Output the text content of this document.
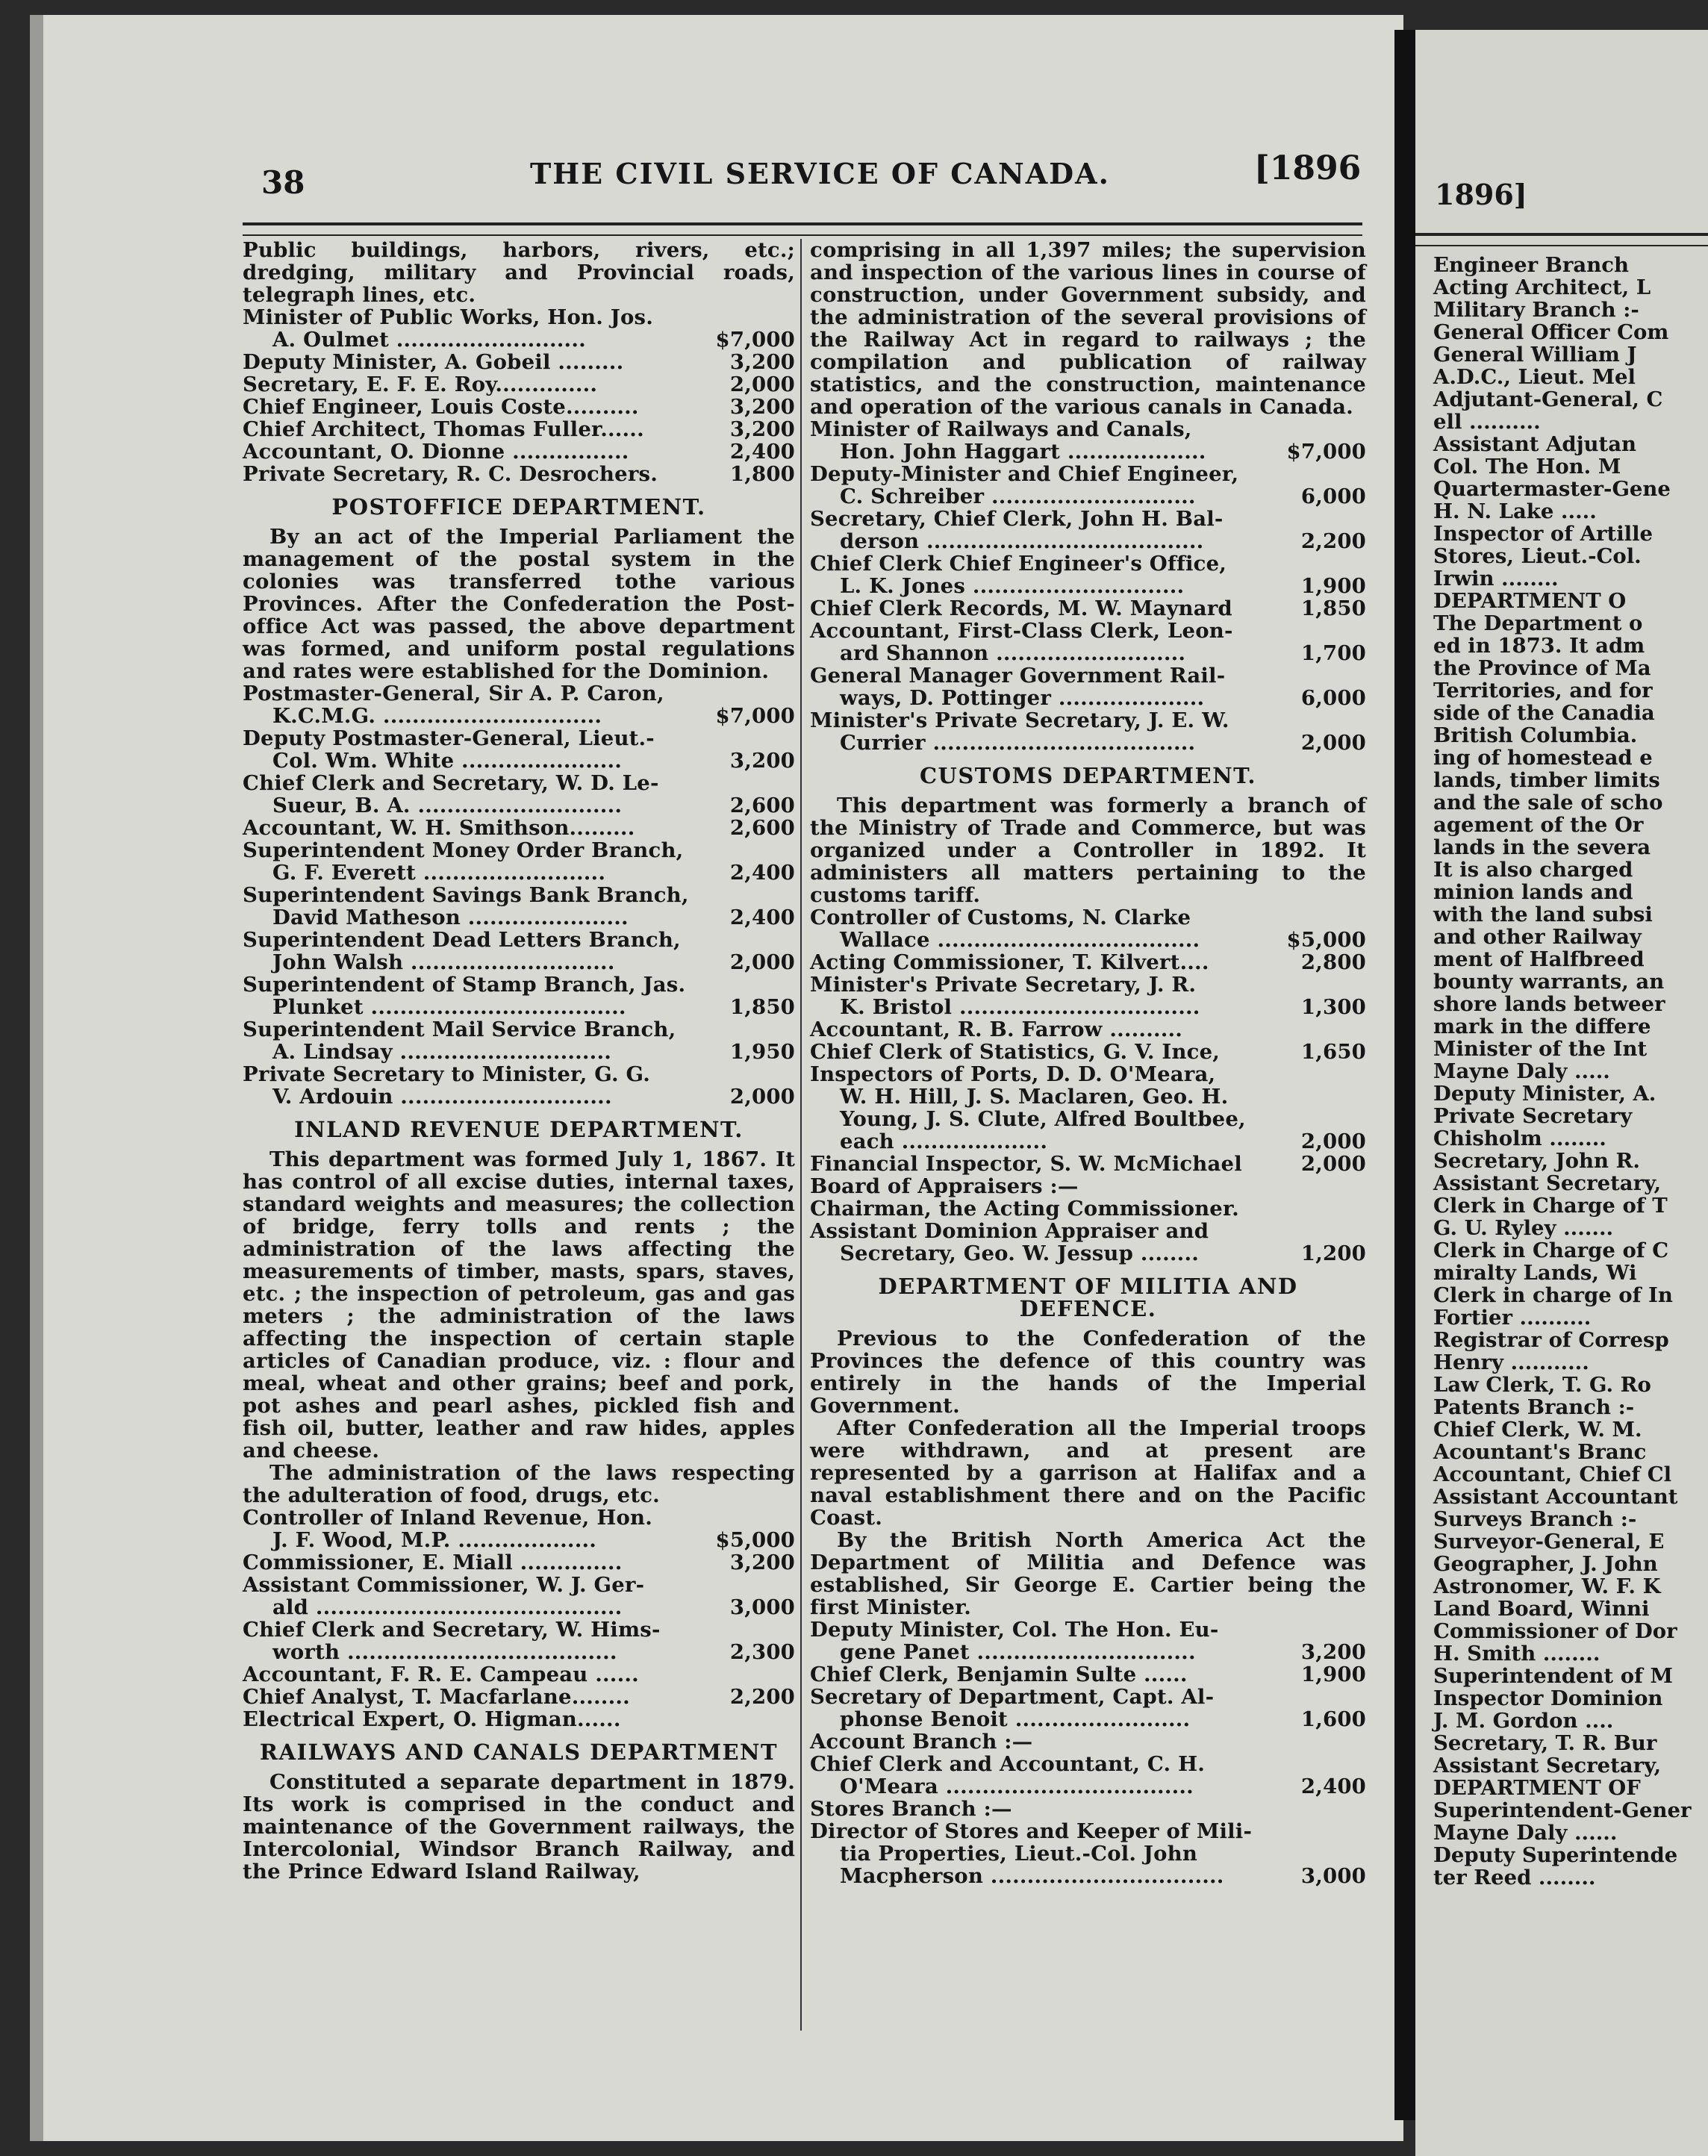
38	THE CIVIL SERVICE OF CANADA.	[1896

Public buildings, harbors, rivers, etc.; dredging, military and Provincial roads, telegraph lines, etc.

Minister of Public Works, Hon. Jos.
A. Oulmet ..........................	$7,000
Deputy Minister, A. Gobeil .........	3,200
Secretary, E. F. E. Roy..............	2,000
Chief Engineer, Louis Coste..........	3,200
Chief Architect, Thomas Fuller......	3,200
Accountant, O. Dionne ................	2,400
Private Secretary, R. C. Desrochers.	1,800

POSTOFFICE DEPARTMENT.

By an act of the Imperial Parliament the management of the postal system in the colonies was transferred tothe various Provinces. After the Confederation the Post-office Act was passed, the above department was formed, and uniform postal regulations and rates were established for the Dominion.

Postmaster-General, Sir A. P. Caron,
K.C.M.G. ..............................	$7,000
Deputy Postmaster-General, Lieut.-
Col. Wm. White ......................	3,200
Chief Clerk and Secretary, W. D. Le-
Sueur, B. A. ............................	2,600
Accountant, W. H. Smithson.........	2,600
Superintendent Money Order Branch,
G. F. Everett .........................	2,400
Superintendent Savings Bank Branch,
David Matheson ......................	2,400
Superintendent Dead Letters Branch,
John Walsh ............................	2,000
Superintendent of Stamp Branch, Jas.
Plunket ...................................	1,850
Superintendent Mail Service Branch,
A. Lindsay .............................	1,950
Private Secretary to Minister, G. G.
V. Ardouin .............................	2,000

INLAND REVENUE DEPARTMENT.

This department was formed July 1, 1867. It has control of all excise duties, internal taxes, standard weights and measures; the collection of bridge, ferry tolls and rents ; the administration of the laws affecting the measurements of timber, masts, spars, staves, etc. ; the inspection of petroleum, gas and gas meters ; the administration of the laws affecting the inspection of certain staple articles of Canadian produce, viz. : flour and meal, wheat and other grains; beef and pork, pot ashes and pearl ashes, pickled fish and fish oil, butter, leather and raw hides, apples and cheese.

The administration of the laws respecting the adulteration of food, drugs, etc.

Controller of Inland Revenue, Hon.
J. F. Wood, M.P. ...................	$5,000
Commissioner, E. Miall ..............	3,200
Assistant Commissioner, W. J. Ger-
ald ..........................................	3,000
Chief Clerk and Secretary, W. Hims-
worth .....................................	2,300
Accountant, F. R. E. Campeau ......
Chief Analyst, T. Macfarlane........	2,200
Electrical Expert, O. Higman......

RAILWAYS AND CANALS DEPARTMENT

Constituted a separate department in 1879. Its work is comprised in the conduct and maintenance of the Government railways, the Intercolonial, Windsor Branch Railway, and the Prince Edward Island Railway,

comprising in all 1,397 miles; the supervision and inspection of the various lines in course of construction, under Government subsidy, and the administration of the several provisions of the Railway Act in regard to railways ; the compilation and publication of railway statistics, and the construction, maintenance and operation of the various canals in Canada.

Minister of Railways and Canals,
Hon. John Haggart ...................	$7,000
Deputy-Minister and Chief Engineer,
C. Schreiber ............................	6,000
Secretary, Chief Clerk, John H. Bal-
derson ......................................	2,200
Chief Clerk Chief Engineer's Office,
L. K. Jones .............................	1,900
Chief Clerk Records, M. W. Maynard	1,850
Accountant, First-Class Clerk, Leon-
ard Shannon ..........................	1,700
General Manager Government Rail-
ways, D. Pottinger ....................	6,000
Minister's Private Secretary, J. E. W.
Currier ....................................	2,000

CUSTOMS DEPARTMENT.

This department was formerly a branch of the Ministry of Trade and Commerce, but was organized under a Controller in 1892. It administers all matters pertaining to the customs tariff.

Controller of Customs, N. Clarke
Wallace ....................................	$5,000
Acting Commissioner, T. Kilvert....	2,800
Minister's Private Secretary, J. R.
K. Bristol .................................	1,300
Accountant, R. B. Farrow ..........
Chief Clerk of Statistics, G. V. Ince,	1,650
Inspectors of Ports, D. D. O'Meara,
W. H. Hill, J. S. Maclaren, Geo. H. Young, J. S. Clute, Alfred Boultbee, each ....................	2,000
Financial Inspector, S. W. McMichael	2,000
Board of Appraisers :—
Chairman, the Acting Commissioner.
Assistant Dominion Appraiser and
Secretary, Geo. W. Jessup ........	1,200

DEPARTMENT OF MILITIA AND DEFENCE.

Previous to the Confederation of the Provinces the defence of this country was entirely in the hands of the Imperial Government.

After Confederation all the Imperial troops were withdrawn, and at present are represented by a garrison at Halifax and a naval establishment there and on the Pacific Coast.

By the British North America Act the Department of Militia and Defence was established, Sir George E. Cartier being the first Minister.

Deputy Minister, Col. The Hon. Eu-
gene Panet ..............................	3,200
Chief Clerk, Benjamin Sulte ......	1,900
Secretary of Department, Capt. Al-
phonse Benoit ........................	1,600
Account Branch :—
Chief Clerk and Accountant, C. H.
O'Meara ..................................	2,400
Stores Branch :—
Director of Stores and Keeper of Mili-
tia Properties, Lieut.-Col. John Macpherson ................................	3,000
1896]

Engineer Branch

Acting Architect, L

Military Branch :-

General Officer Com

General William J

A.D.C., Lieut. Mel

Adjutant-General, C

ell ..........

Assistant Adjutan

Col. The Hon. M

Quartermaster-Gene

H. N. Lake .....

Inspector of Artille

Stores, Lieut.-Col.

Irwin ........

DEPARTMENT O

The Department o

ed in 1873. It adm

the Province of Ma

Territories, and for

side of the Canadia

British Columbia.

ing of homestead e

lands, timber limits

and the sale of scho

agement of the Or

lands in the severa

It is also charged

minion lands and

with the land subsi

and other Railway

ment of Halfbreed

bounty warrants, an

shore lands betweer

mark in the differe

Minister of the Int

Mayne Daly .....

Deputy Minister, A.

Private Secretary

Chisholm ........

Secretary, John R.

Assistant Secretary,

Clerk in Charge of T

G. U. Ryley .......

Clerk in Charge of C

miralty Lands, Wi

Clerk in charge of In

Fortier ..........

Registrar of Corresp

Henry ...........

Law Clerk, T. G. Ro

Patents Branch :-

Chief Clerk, W. M.

Acountant's Branc

Accountant, Chief Cl

Assistant Accountant

Surveys Branch :-

Surveyor-General, E

Geographer, J. John

Astronomer, W. F. K

Land Board, Winni

Commissioner of Dor

H. Smith ........

Superintendent of M

Inspector Dominion

J. M. Gordon ....

Secretary, T. R. Bur

Assistant Secretary,

DEPARTMENT OF

Superintendent-Gener

Mayne Daly ......

Deputy Superintende

ter Reed ........
